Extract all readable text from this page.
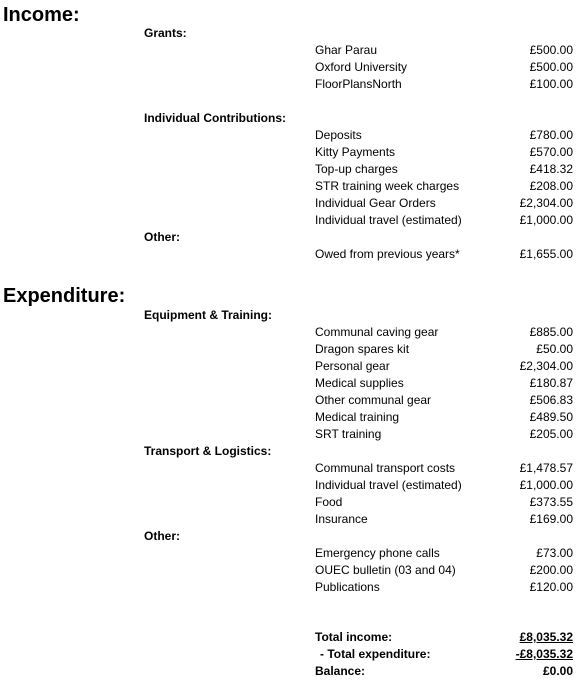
Income:
Grants:
Ghar Parau	£500.00
Oxford University	£500.00
FloorPlansNorth	£100.00
Individual Contributions:
Deposits	£780.00
Kitty Payments	£570.00
Top-up charges	£418.32
STR training week charges	£208.00
Individual Gear Orders	£2,304.00
Individual travel (estimated)	£1,000.00
Other:
Owed from previous years*	£1,655.00
Expenditure:
Equipment & Training:
Communal caving gear	£885.00
Dragon spares kit	£50.00
Personal gear	£2,304.00
Medical supplies	£180.87
Other communal gear	£506.83
Medical training	£489.50
SRT training	£205.00
Transport & Logistics:
Communal transport costs	£1,478.57
Individual travel (estimated)	£1,000.00
Food	£373.55
Insurance	£169.00
Other:
Emergency phone calls	£73.00
OUEC bulletin (03 and 04)	£200.00
Publications	£120.00
Total income:	£8,035.32
- Total expenditure:	-£8,035.32
Balance:	£0.00
